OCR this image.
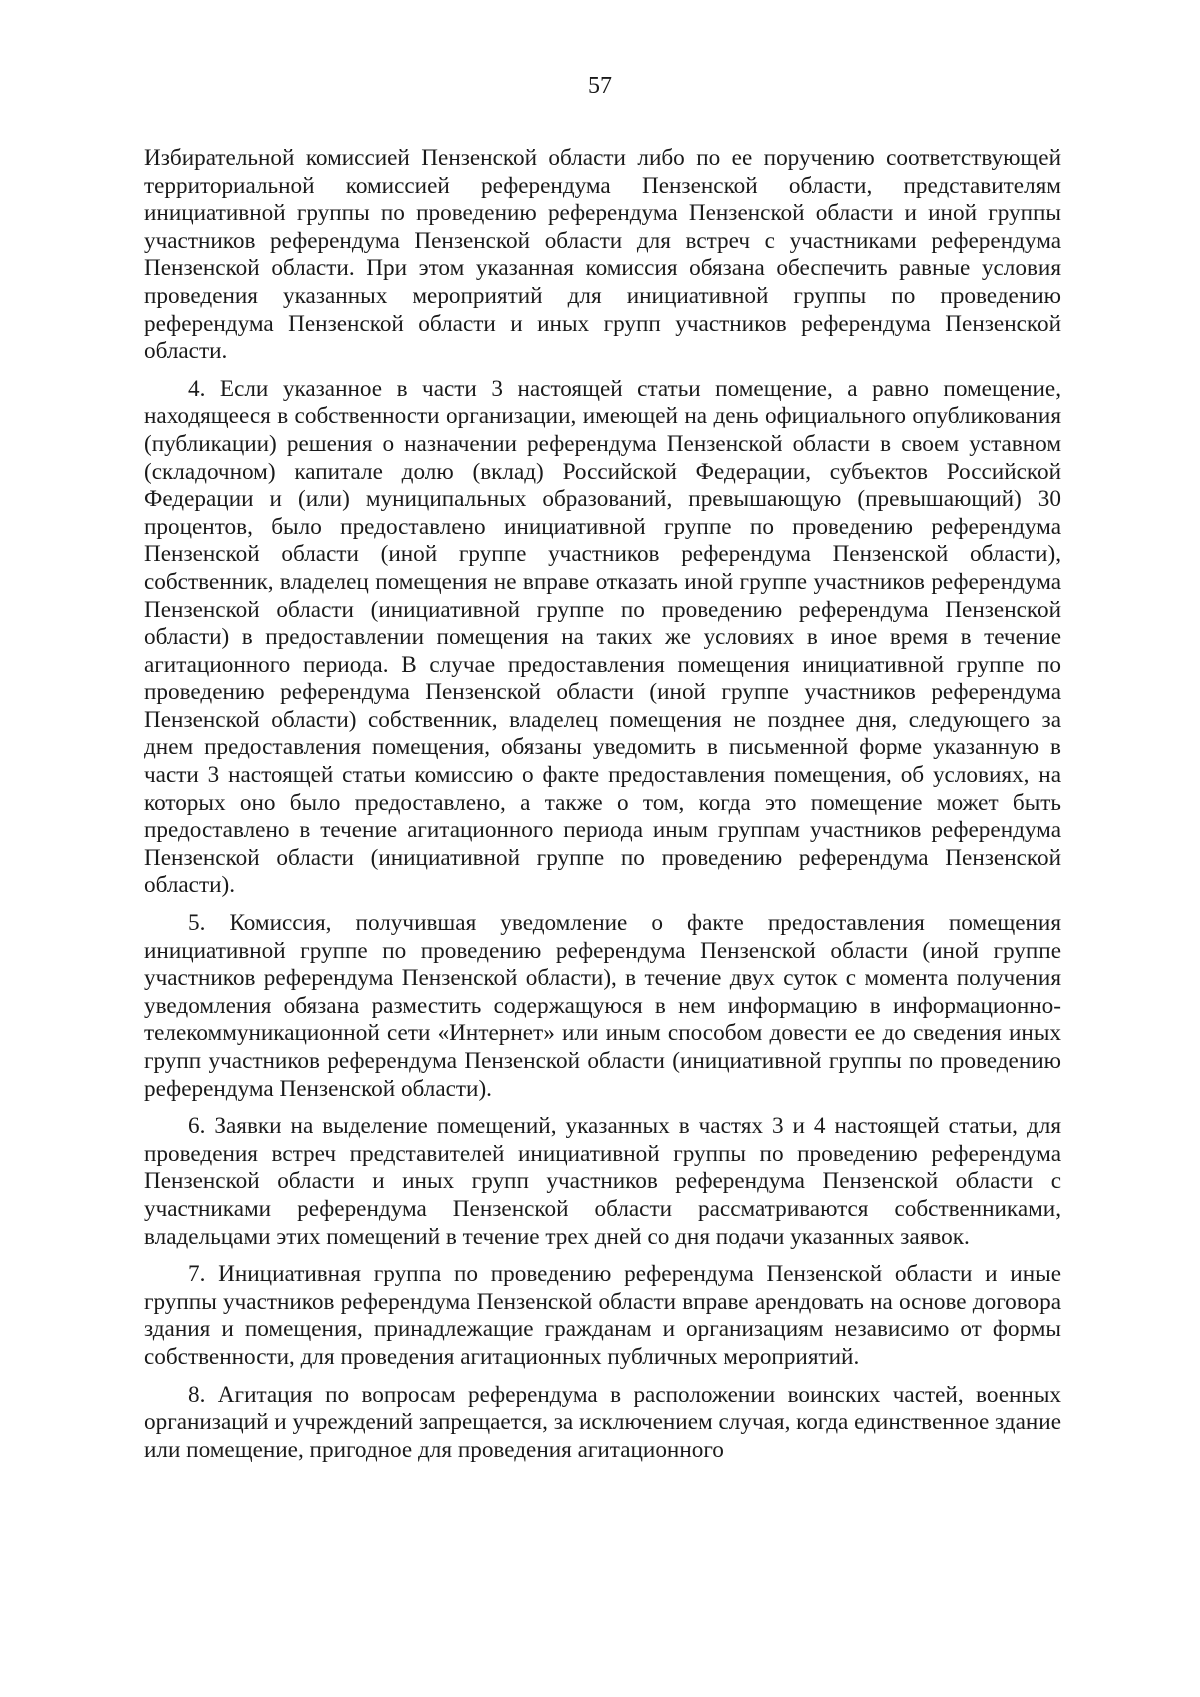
57

Избирательной комиссией Пензенской области либо по ее поручению соответствующей территориальной комиссией референдума Пензенской области, представителям инициативной группы по проведению референдума Пензенской области и иной группы участников референдума Пензенской области для встреч с участниками референдума Пензенской области. При этом указанная комиссия обязана обеспечить равные условия проведения указанных мероприятий для инициативной группы по проведению референдума Пензенской области и иных групп участников референдума Пензенской области.

4. Если указанное в части 3 настоящей статьи помещение, а равно помещение, находящееся в собственности организации, имеющей на день официального опубликования (публикации) решения о назначении референдума Пензенской области в своем уставном (складочном) капитале долю (вклад) Российской Федерации, субъектов Российской Федерации и (или) муниципальных образований, превышающую (превышающий) 30 процентов, было предоставлено инициативной группе по проведению референдума Пензенской области (иной группе участников референдума Пензенской области), собственник, владелец помещения не вправе отказать иной группе участников референдума Пензенской области (инициативной группе по проведению референдума Пензенской области) в предоставлении помещения на таких же условиях в иное время в течение агитационного периода. В случае предоставления помещения инициативной группе по проведению референдума Пензенской области (иной группе участников референдума Пензенской области) собственник, владелец помещения не позднее дня, следующего за днем предоставления помещения, обязаны уведомить в письменной форме указанную в части 3 настоящей статьи комиссию о факте предоставления помещения, об условиях, на которых оно было предоставлено, а также о том, когда это помещение может быть предоставлено в течение агитационного периода иным группам участников референдума Пензенской области (инициативной группе по проведению референдума Пензенской области).

5. Комиссия, получившая уведомление о факте предоставления помещения инициативной группе по проведению референдума Пензенской области (иной группе участников референдума Пензенской области), в течение двух суток с момента получения уведомления обязана разместить содержащуюся в нем информацию в информационно-телекоммуникационной сети «Интернет» или иным способом довести ее до сведения иных групп участников референдума Пензенской области (инициативной группы по проведению референдума Пензенской области).

6. Заявки на выделение помещений, указанных в частях 3 и 4 настоящей статьи, для проведения встреч представителей инициативной группы по проведению референдума Пензенской области и иных групп участников референдума Пензенской области с участниками референдума Пензенской области рассматриваются собственниками, владельцами этих помещений в течение трех дней со дня подачи указанных заявок.

7. Инициативная группа по проведению референдума Пензенской области и иные группы участников референдума Пензенской области вправе арендовать на основе договора здания и помещения, принадлежащие гражданам и организациям независимо от формы собственности, для проведения агитационных публичных мероприятий.

8. Агитация по вопросам референдума в расположении воинских частей, военных организаций и учреждений запрещается, за исключением случая, когда единственное здание или помещение, пригодное для проведения агитационного
